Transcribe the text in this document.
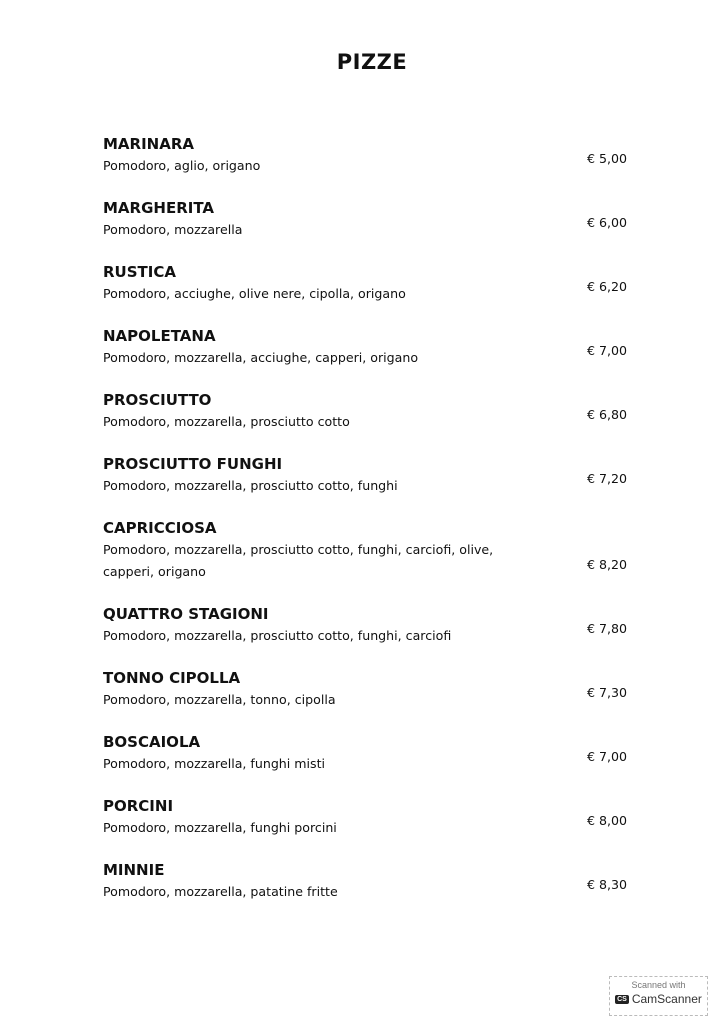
PIZZE
MARINARA
Pomodoro, aglio, origano	€ 5,00
MARGHERITA
Pomodoro, mozzarella	€ 6,00
RUSTICA
Pomodoro, acciughe, olive nere, cipolla, origano	€ 6,20
NAPOLETANA
Pomodoro, mozzarella, acciughe, capperi, origano	€ 7,00
PROSCIUTTO
Pomodoro, mozzarella, prosciutto cotto	€ 6,80
PROSCIUTTO FUNGHI
Pomodoro, mozzarella, prosciutto cotto, funghi	€ 7,20
CAPRICCIOSA
Pomodoro, mozzarella, prosciutto cotto, funghi, carciofi, olive, capperi, origano	€ 8,20
QUATTRO STAGIONI
Pomodoro, mozzarella, prosciutto cotto, funghi, carciofi	€ 7,80
TONNO CIPOLLA
Pomodoro, mozzarella, tonno, cipolla	€ 7,30
BOSCAIOLA
Pomodoro, mozzarella, funghi misti	€ 7,00
PORCINI
Pomodoro, mozzarella, funghi porcini	€ 8,00
MINNIE
Pomodoro, mozzarella, patatine fritte	€ 8,30
Scanned with
CS CamScanner
